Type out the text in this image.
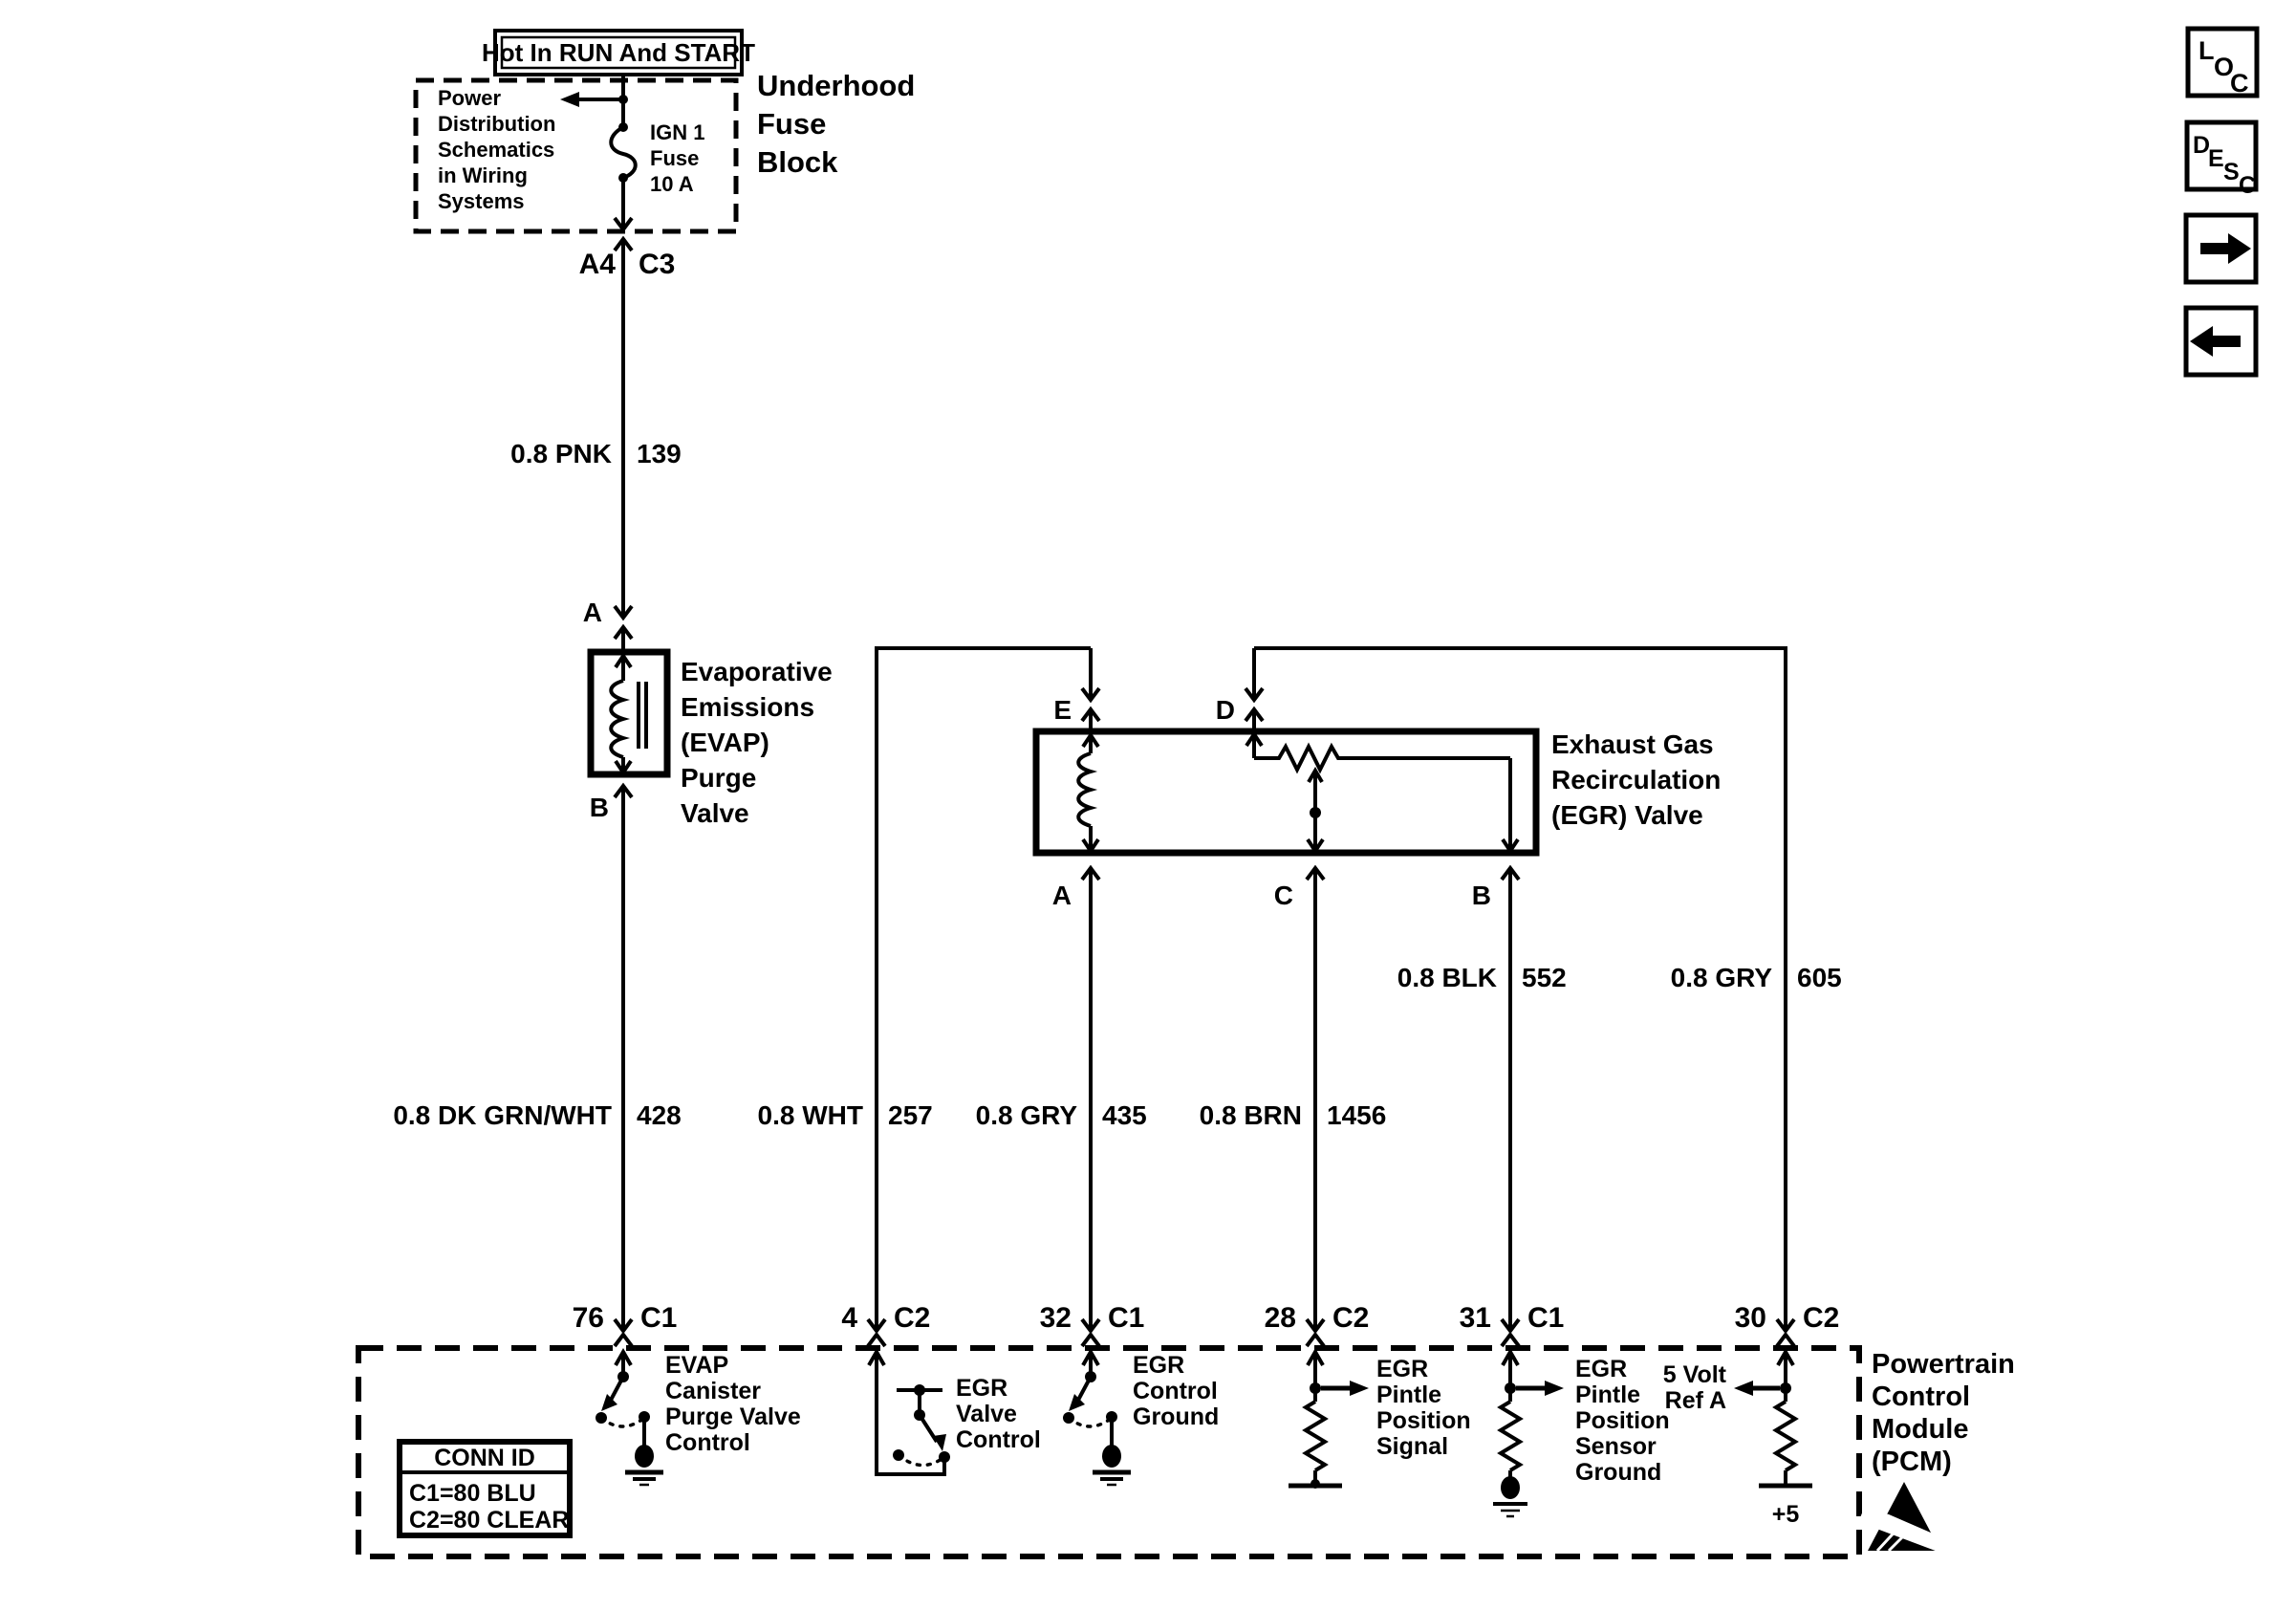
Hot In RUN And START
Power
Distribution
Schematics
in Wiring
Systems
Underhood
Fuse
Block
IGN 1
Fuse
10 A
A4 C3
0.8 PNK 139
A
Evaporative
Emissions
(EVAP)
Purge
Valve
B
0.8 DK GRN/WHT 428	0.8 WHT 257
0.8 GRY 605
E	D
Exhaust Gas
Recirculation
(EGR) Valve
A	C	B
0.8 GRY 435 0.8 BRN 1456
0.8 BLK 552
76 C1	4 C2	32 C1	28 C2	31 C1	30 C2
EVAP
Canister
Purge Valve
Control
EGR
Valve
Control
EGR
Control
Ground
EGR
Pintle
Position
Signal
EGR
Pintle
Position
Sensor
Ground
5 Volt
Ref A
+5
CONN ID
C1=80 BLU
C2=80 CLEAR
Powertrain
Control
Module
(PCM)
L
O
C
D
E S C
